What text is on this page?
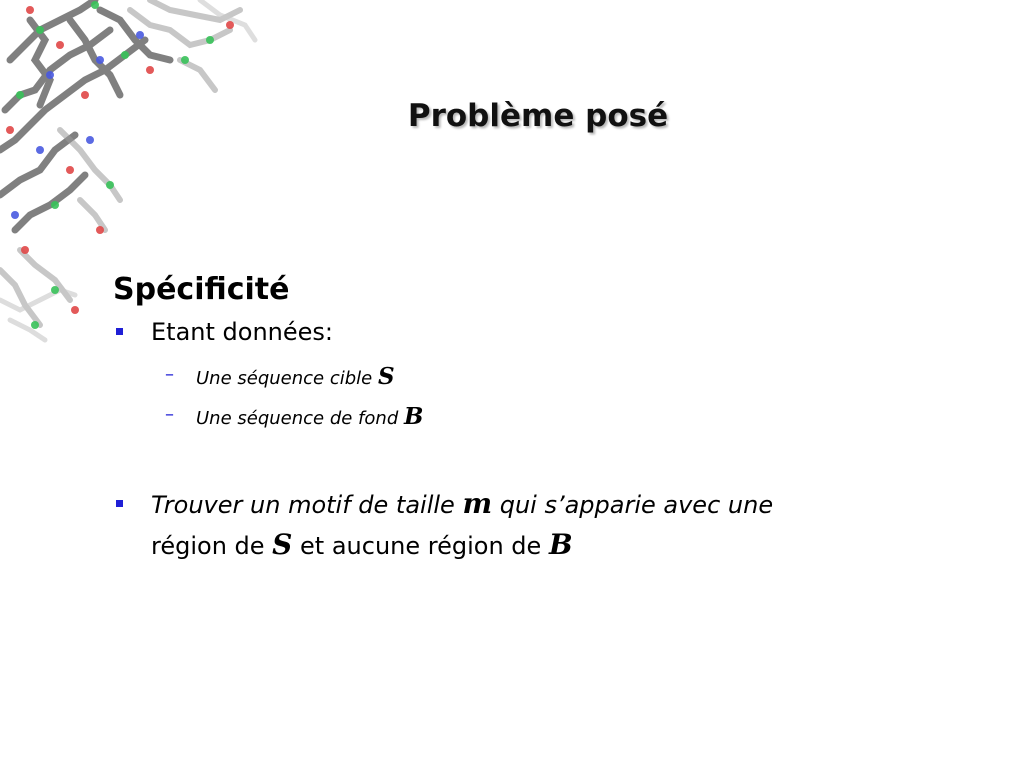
Problème posé
Spécificité
Etant données:
– Une séquence cible S
– Une séquence de fond B
Trouver un motif de taille m qui s’apparie avec une
région de S et aucune région de B
